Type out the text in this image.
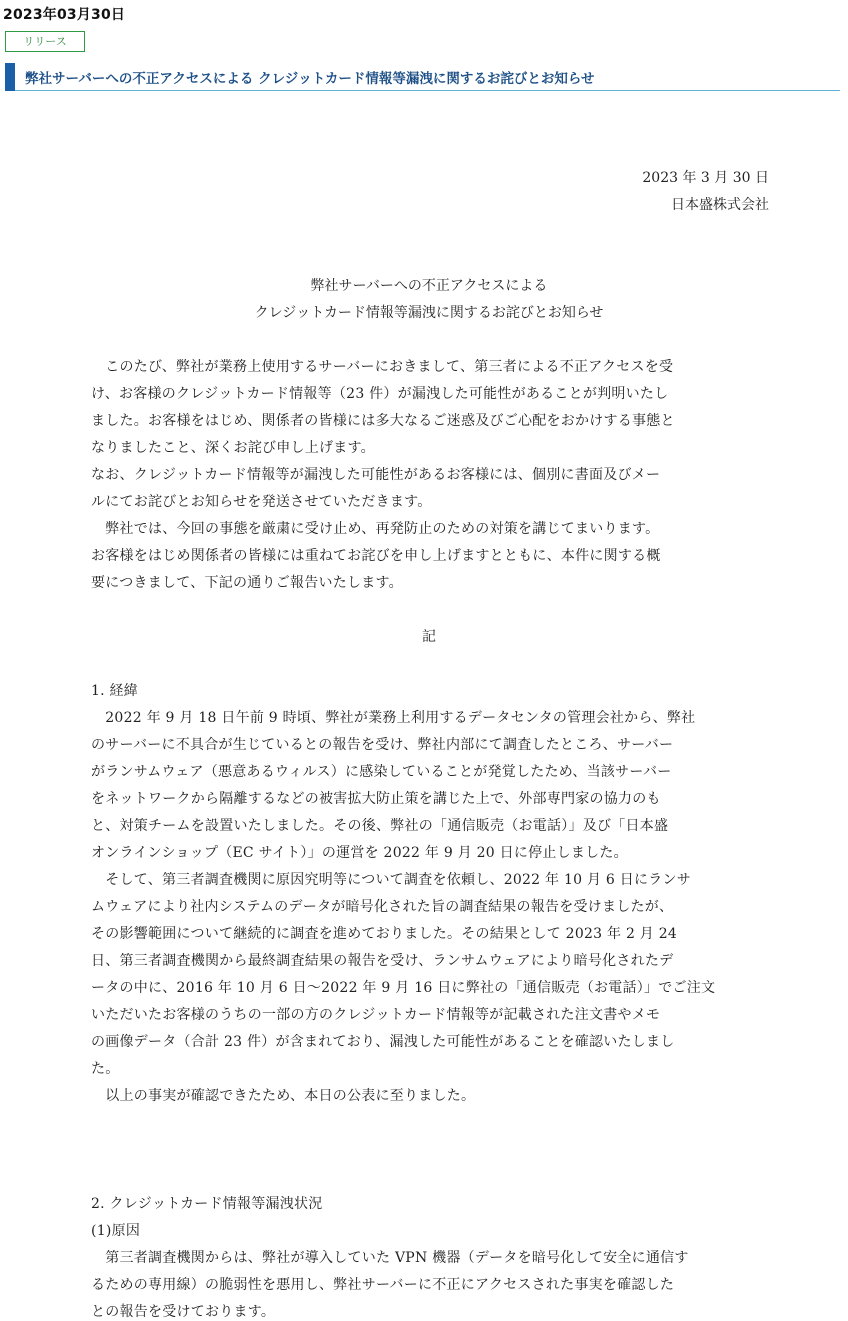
2023年03月30日
リリース
弊社サーバーへの不正アクセスによる クレジットカード情報等漏洩に関するお詫びとお知らせ
2023 年 3 月 30 日
日本盛株式会社
弊社サーバーへの不正アクセスによる
クレジットカード情報等漏洩に関するお詫びとお知らせ
　このたび、弊社が業務上使用するサーバーにおきまして、第三者による不正アクセスを受
け、お客様のクレジットカード情報等（23 件）が漏洩した可能性があることが判明いたし
ました。お客様をはじめ、関係者の皆様には多大なるご迷惑及びご心配をおかけする事態と
なりましたこと、深くお詫び申し上げます。
なお、クレジットカード情報等が漏洩した可能性があるお客様には、個別に書面及びメー
ルにてお詫びとお知らせを発送させていただきます。
　弊社では、今回の事態を厳粛に受け止め、再発防止のための対策を講じてまいります。
お客様をはじめ関係者の皆様には重ねてお詫びを申し上げますとともに、本件に関する概
要につきまして、下記の通りご報告いたします。
記
1. 経緯
　2022 年 9 月 18 日午前 9 時頃、弊社が業務上利用するデータセンタの管理会社から、弊社
のサーバーに不具合が生じているとの報告を受け、弊社内部にて調査したところ、サーバー
がランサムウェア（悪意あるウィルス）に感染していることが発覚したため、当該サーバー
をネットワークから隔離するなどの被害拡大防止策を講じた上で、外部専門家の協力のも
と、対策チームを設置いたしました。その後、弊社の「通信販売（お電話）」及び「日本盛
オンラインショップ（EC サイト）」の運営を 2022 年 9 月 20 日に停止しました。
　そして、第三者調査機関に原因究明等について調査を依頼し、2022 年 10 月 6 日にランサ
ムウェアにより社内システムのデータが暗号化された旨の調査結果の報告を受けましたが、
その影響範囲について継続的に調査を進めておりました。その結果として 2023 年 2 月 24
日、第三者調査機関から最終調査結果の報告を受け、ランサムウェアにより暗号化されたデ
ータの中に、2016 年 10 月 6 日～2022 年 9 月 16 日に弊社の「通信販売（お電話）」でご注文
いただいたお客様のうちの一部の方のクレジットカード情報等が記載された注文書やメモ
の画像データ（合計 23 件）が含まれており、漏洩した可能性があることを確認いたしまし
た。
　以上の事実が確認できたため、本日の公表に至りました。
2. クレジットカード情報等漏洩状況
(1)原因
　第三者調査機関からは、弊社が導入していた VPN 機器（データを暗号化して安全に通信す
るための専用線）の脆弱性を悪用し、弊社サーバーに不正にアクセスされた事実を確認した
との報告を受けております。
